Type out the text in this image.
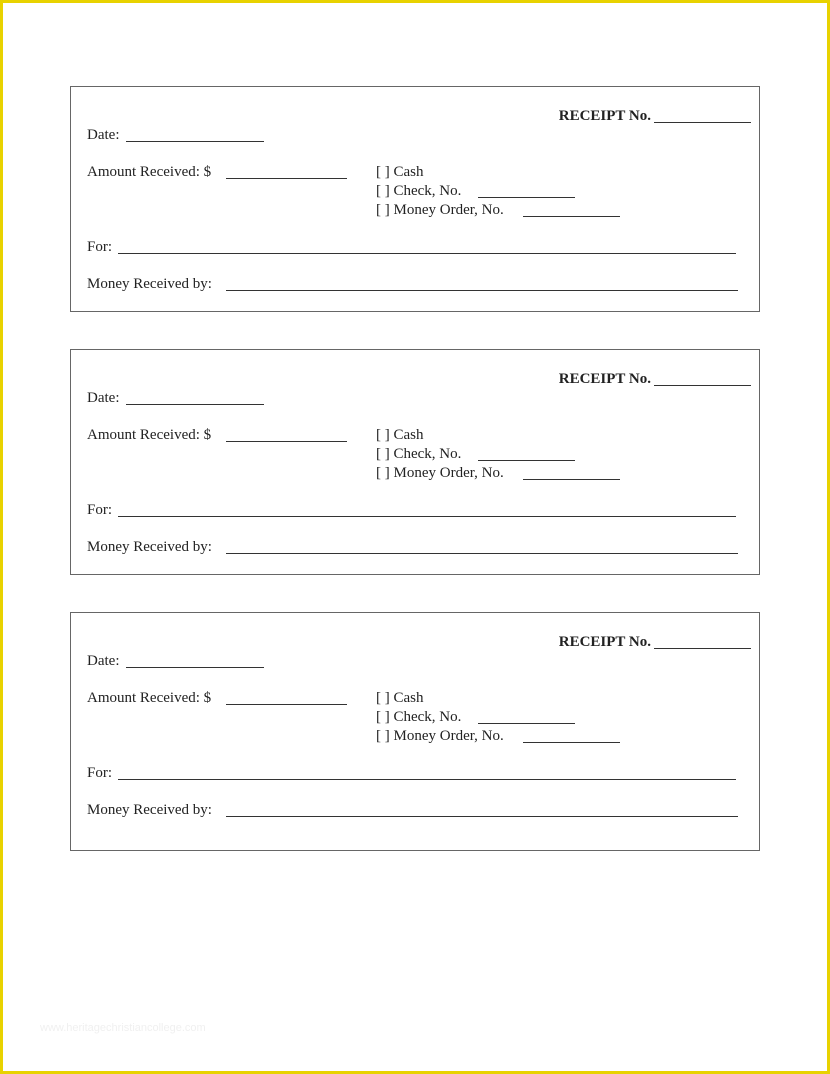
RECEIPT No.
Date:
Amount Received: $	[ ] Cash
[ ] Check, No.
[ ] Money Order, No.
For:
Money Received by:
RECEIPT No.
Date:
Amount Received: $	[ ] Cash
[ ] Check, No.
[ ] Money Order, No.
For:
Money Received by:
RECEIPT No.
Date:
Amount Received: $	[ ] Cash
[ ] Check, No.
[ ] Money Order, No.
For:
Money Received by:
www.heritagechristiancollege.com
